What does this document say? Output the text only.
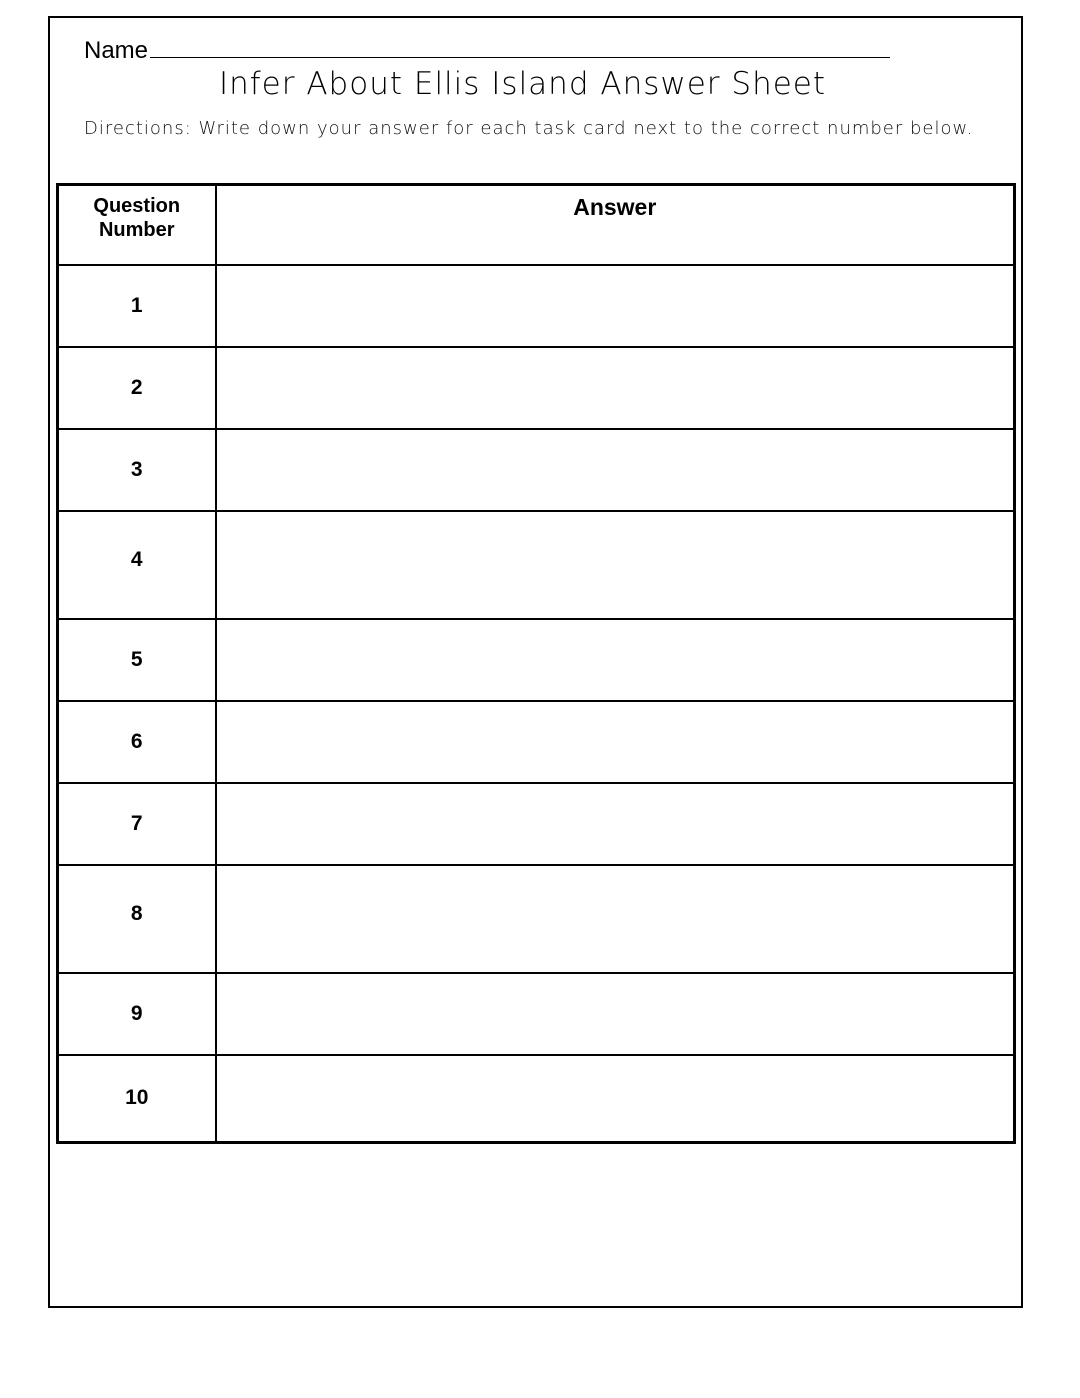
Name
Infer About Ellis Island Answer Sheet
Directions: Write down your answer for each task card next to the correct number below.
Question Number	Answer
1	
2	
3	
4	
5	
6	
7	
8	
9	
10	
